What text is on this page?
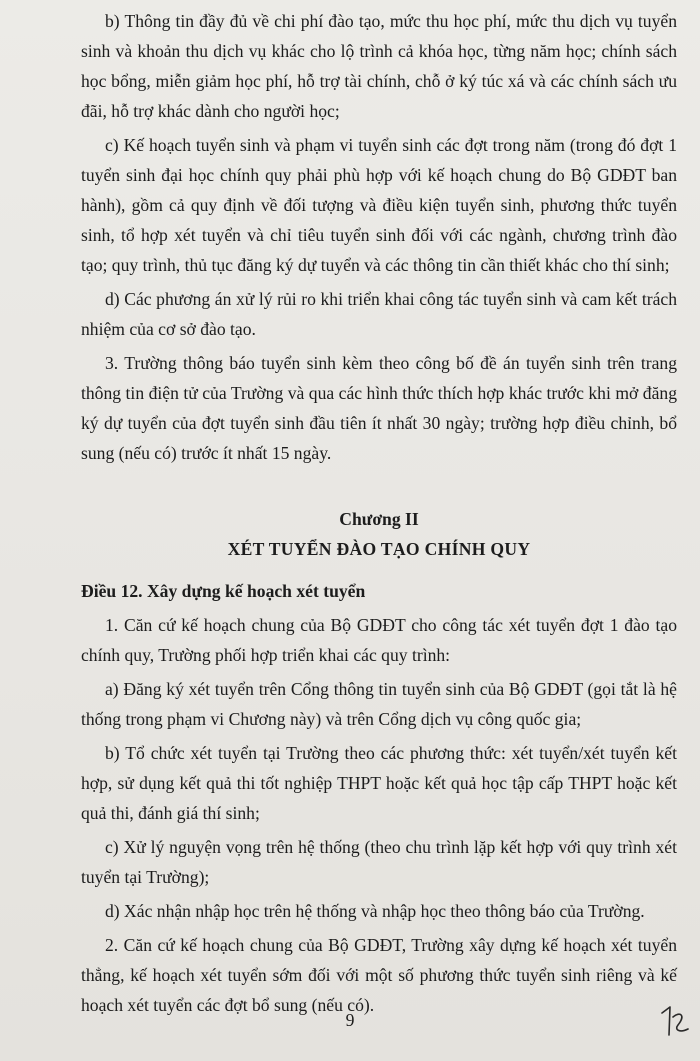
b) Thông tin đầy đủ về chi phí đào tạo, mức thu học phí, mức thu dịch vụ tuyển sinh và khoản thu dịch vụ khác cho lộ trình cả khóa học, từng năm học; chính sách học bổng, miễn giảm học phí, hỗ trợ tài chính, chỗ ở ký túc xá và các chính sách ưu đãi, hỗ trợ khác dành cho người học;

c) Kế hoạch tuyển sinh và phạm vi tuyển sinh các đợt trong năm (trong đó đợt 1 tuyển sinh đại học chính quy phải phù hợp với kế hoạch chung do Bộ GDĐT ban hành), gồm cả quy định về đối tượng và điều kiện tuyển sinh, phương thức tuyển sinh, tổ hợp xét tuyển và chỉ tiêu tuyển sinh đối với các ngành, chương trình đào tạo; quy trình, thủ tục đăng ký dự tuyển và các thông tin cần thiết khác cho thí sinh;

d) Các phương án xử lý rủi ro khi triển khai công tác tuyển sinh và cam kết trách nhiệm của cơ sở đào tạo.

3. Trường thông báo tuyển sinh kèm theo công bố đề án tuyển sinh trên trang thông tin điện tử của Trường và qua các hình thức thích hợp khác trước khi mở đăng ký dự tuyển của đợt tuyển sinh đầu tiên ít nhất 30 ngày; trường hợp điều chỉnh, bổ sung (nếu có) trước ít nhất 15 ngày.

Chương II
XÉT TUYỂN ĐÀO TẠO CHÍNH QUY

Điều 12. Xây dựng kế hoạch xét tuyển

1. Căn cứ kế hoạch chung của Bộ GDĐT cho công tác xét tuyển đợt 1 đào tạo chính quy, Trường phối hợp triển khai các quy trình:

a) Đăng ký xét tuyển trên Cổng thông tin tuyển sinh của Bộ GDĐT (gọi tắt là hệ thống trong phạm vi Chương này) và trên Cổng dịch vụ công quốc gia;

b) Tổ chức xét tuyển tại Trường theo các phương thức: xét tuyển/xét tuyển kết hợp, sử dụng kết quả thi tốt nghiệp THPT hoặc kết quả học tập cấp THPT hoặc kết quả thi, đánh giá thí sinh;

c) Xử lý nguyện vọng trên hệ thống (theo chu trình lặp kết hợp với quy trình xét tuyển tại Trường);

d) Xác nhận nhập học trên hệ thống và nhập học theo thông báo của Trường.

2. Căn cứ kế hoạch chung của Bộ GDĐT, Trường xây dựng kế hoạch xét tuyển thẳng, kế hoạch xét tuyển sớm đối với một số phương thức tuyển sinh riêng và kế hoạch xét tuyển các đợt bổ sung (nếu có).

9
